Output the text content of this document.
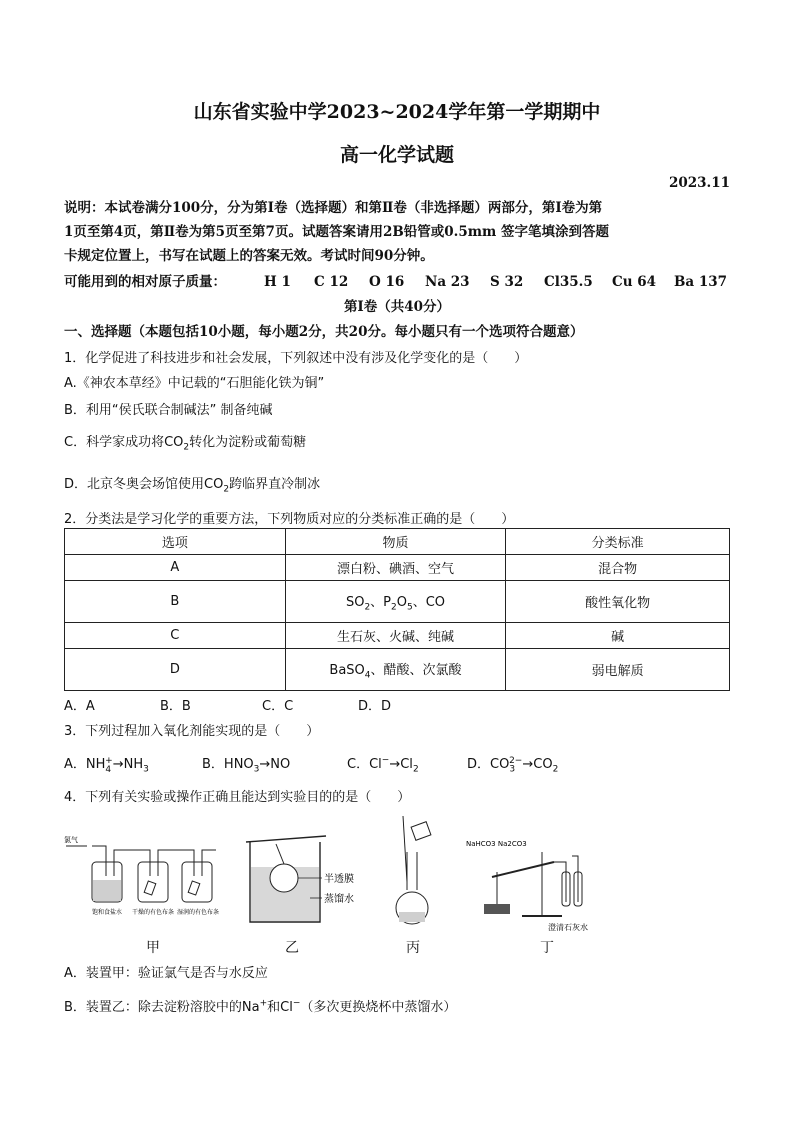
山东省实验中学2023~2024学年第一学期期中
高一化学试题
2023.11
说明：本试卷满分100分，分为第Ⅰ卷（选择题）和第Ⅱ卷（非选择题）两部分，第Ⅰ卷为第
1页至第4页，第Ⅱ卷为第5页至第7页。试题答案请用2B铅管或0.5mm 签字笔填涂到答题
卡规定位置上，书写在试题上的答案无效。考试时间90分钟。
可能用到的相对原子质量：	H 1 C 12 O 16 Na 23 S 32 Cl35.5 Cu 64 Ba 137
第Ⅰ卷（共40分）
一、选择题（本题包括10小题，每小题2分，共20分。每小题只有一个选项符合题意）
1．化学促进了科技进步和社会发展，下列叙述中没有涉及化学变化的是（　　）
A.《神农本草经》中记载的“石胆能化铁为铜”
B．利用“侯氏联合制碱法” 制备纯碱
C．科学家成功将$CO_2$转化为淀粉或葡萄糖
D．北京冬奥会场馆使用$CO_2$跨临界直冷制冰
2．分类法是学习化学的重要方法，下列物质对应的分类标准正确的是（　　）
选项	物质	分类标准
A	漂白粉、碘酒、空气	混合物
B	$SO_2$、$P_2O_5$、CO	酸性氧化物
C	生石灰、火碱、纯碱	碱
D	BaSO$_4$、醋酸、次氯酸	弱电解质
A．A	B．B	C．C	D．D
3．下列过程加入氧化剂能实现的是（　　）
A．$NH_4^+\to NH_3$	B．$HNO_3\to NO$	C．$Cl^-\to Cl_2$	D．$CO_3^{2-}\to CO_2$
4．下列有关实验或操作正确且能达到实验目的的是（　　）
氯气
饱和食盐水 干燥的有色布条 湿润的有色布条
半透膜
蒸馏水
NaHCO3 Na2CO3
澄清石灰水
甲	乙	丙	丁
A．装置甲：验证氯气是否与水反应
B．装置乙：除去淀粉溶胶中的Na+和Cl−（多次更换烧杯中蒸馏水）
